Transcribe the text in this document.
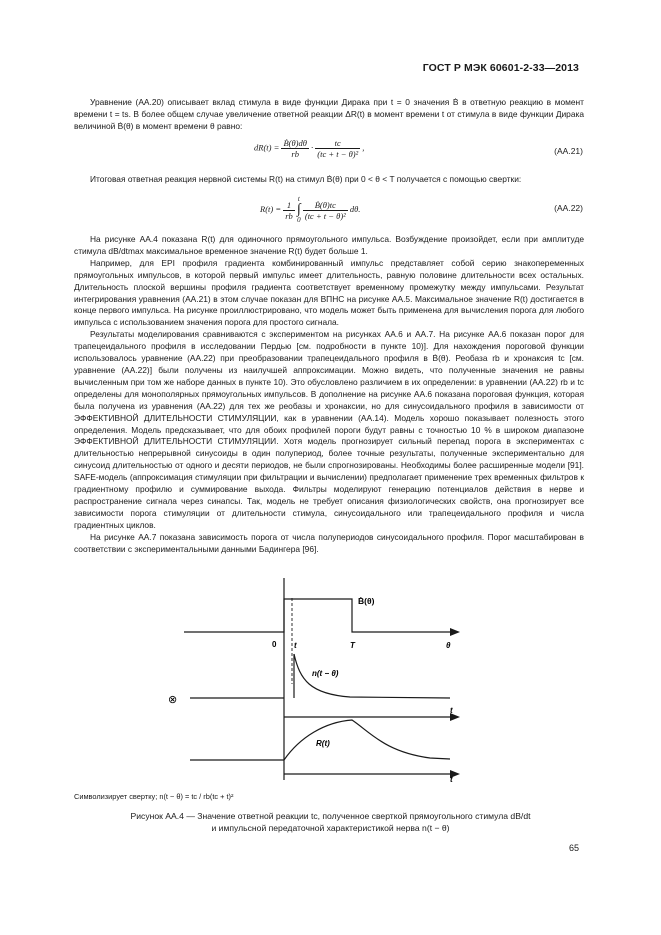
ГОСТ Р МЭК 60601-2-33—2013

Уравнение (АА.20) описывает вклад стимула в виде функции Дирака при t = 0 значения Ḃ в ответную реакцию в момент времени t = ts. В более общем случае увеличение ответной реакции ΔR(t) в момент времени t от стимула в виде функции Дирака величиной Ḃ(θ) в момент времени θ равно:

$dR(t) = \frac{\text{Ḃ(θ)dθ}}{rb} \cdot \frac{tc}{\text{(tc + t − θ)²}}$ ,	(AA.21)

Итоговая ответная реакция нервной системы R(t) на стимул Ḃ(θ) при 0 < θ < T получается с помощью свертки:

$R(t) = \frac{1}{rb}$

t
∫
0
$\frac{\text{Ḃ(θ)tc}}{\text{(tc + t − θ)²}} d\theta$.	(AA.22)

На рисунке АА.4 показана R(t) для одиночного прямоугольного импульса. Возбуждение произойдет, если при амплитуде стимула dB/dtmax максимальное временное значение R(t) будет больше 1.

Например, для EPI профиля градиента комбинированный импульс представляет собой серию знакопеременных прямоугольных импульсов, в которой первый импульс имеет длительность, равную половине длительности всех остальных. Длительность плоской вершины профиля градиента соответствует временному промежутку между импульсами. Результат интегрирования уравнения (АА.21) в этом случае показан для ВПНС на рисунке АА.5. Максимальное значение R(t) достигается в конце первого импульса. На рисунке проиллюстрировано, что модель может быть применена для вычисления порога для любого импульса с использованием значения порога для простого сигнала.

Результаты моделирования сравниваются с экспериментом на рисунках АА.6 и АА.7. На рисунке АА.6 показан порог для трапецеидального профиля в исследовании Пердью [см. подробности в пункте 10)]. Для нахождения пороговой функции использовалось уравнение (АА.22) при преобразовании трапецеидального профиля в Ḃ(θ). Реобаза rb и хронаксия tc [см. уравнение (АА.22)] были получены из наилучшей аппроксимации. Можно видеть, что полученные значения не равны вычисленным при том же наборе данных в пункте 10). Это обусловлено различием в их определении: в уравнении (АА.22) rb и tc определены для монополярных прямоугольных импульсов. В дополнение на рисунке АА.6 показана пороговая функция, которая была получена из уравнения (АА.22) для тех же реобазы и хронаксии, но для синусоидального профиля в зависимости от ЭФФЕКТИВНОЙ ДЛИТЕЛЬНОСТИ СТИМУЛЯЦИИ, как в уравнении (АА.14). Модель хорошо показывает полезность этого определения. Модель предсказывает, что для обоих профилей пороги будут равны с точностью 10 % в широком диапазоне ЭФФЕКТИВНОЙ ДЛИТЕЛЬНОСТИ СТИМУЛЯЦИИ. Хотя модель прогнозирует сильный перепад порога в экспериментах с длительностью непрерывной синусоиды в один полупериод, более точные результаты, полученные экспериментально для синусоид длительностью от одного и десяти периодов, не были спрогнозированы. Необходимы более расширенные модели [91]. SAFE-модель (аппроксимация стимуляции при фильтрации и вычислении) предполагает применение трех временных фильтров к градиентному профилю и суммирование выхода. Фильтры моделируют генерацию потенциалов действия в нерве и распространение сигнала через синапсы. Так, модель не требует описания физиологических свойств, она прогнозирует все зависимости порога стимуляции от длительности стимула, синусоидального или трапецеидального профиля и числа градиентных циклов.

На рисунке АА.7 показана зависимость порога от числа полупериодов синусоидального профиля. Порог масштабирован в соответствии с экспериментальными данными Бадингера [96].

Ḃ(θ)
0 t	T	θ
n(t − θ)
⊗
t
R(t)
t
Символизирует свертку; n(t − θ) = tc / rb(tc + t)²
Рисунок АА.4 — Значение ответной реакции tc, полученное сверткой прямоугольного стимула dB/dt
и импульсной передаточной характеристикой нерва n(t − θ)
65
